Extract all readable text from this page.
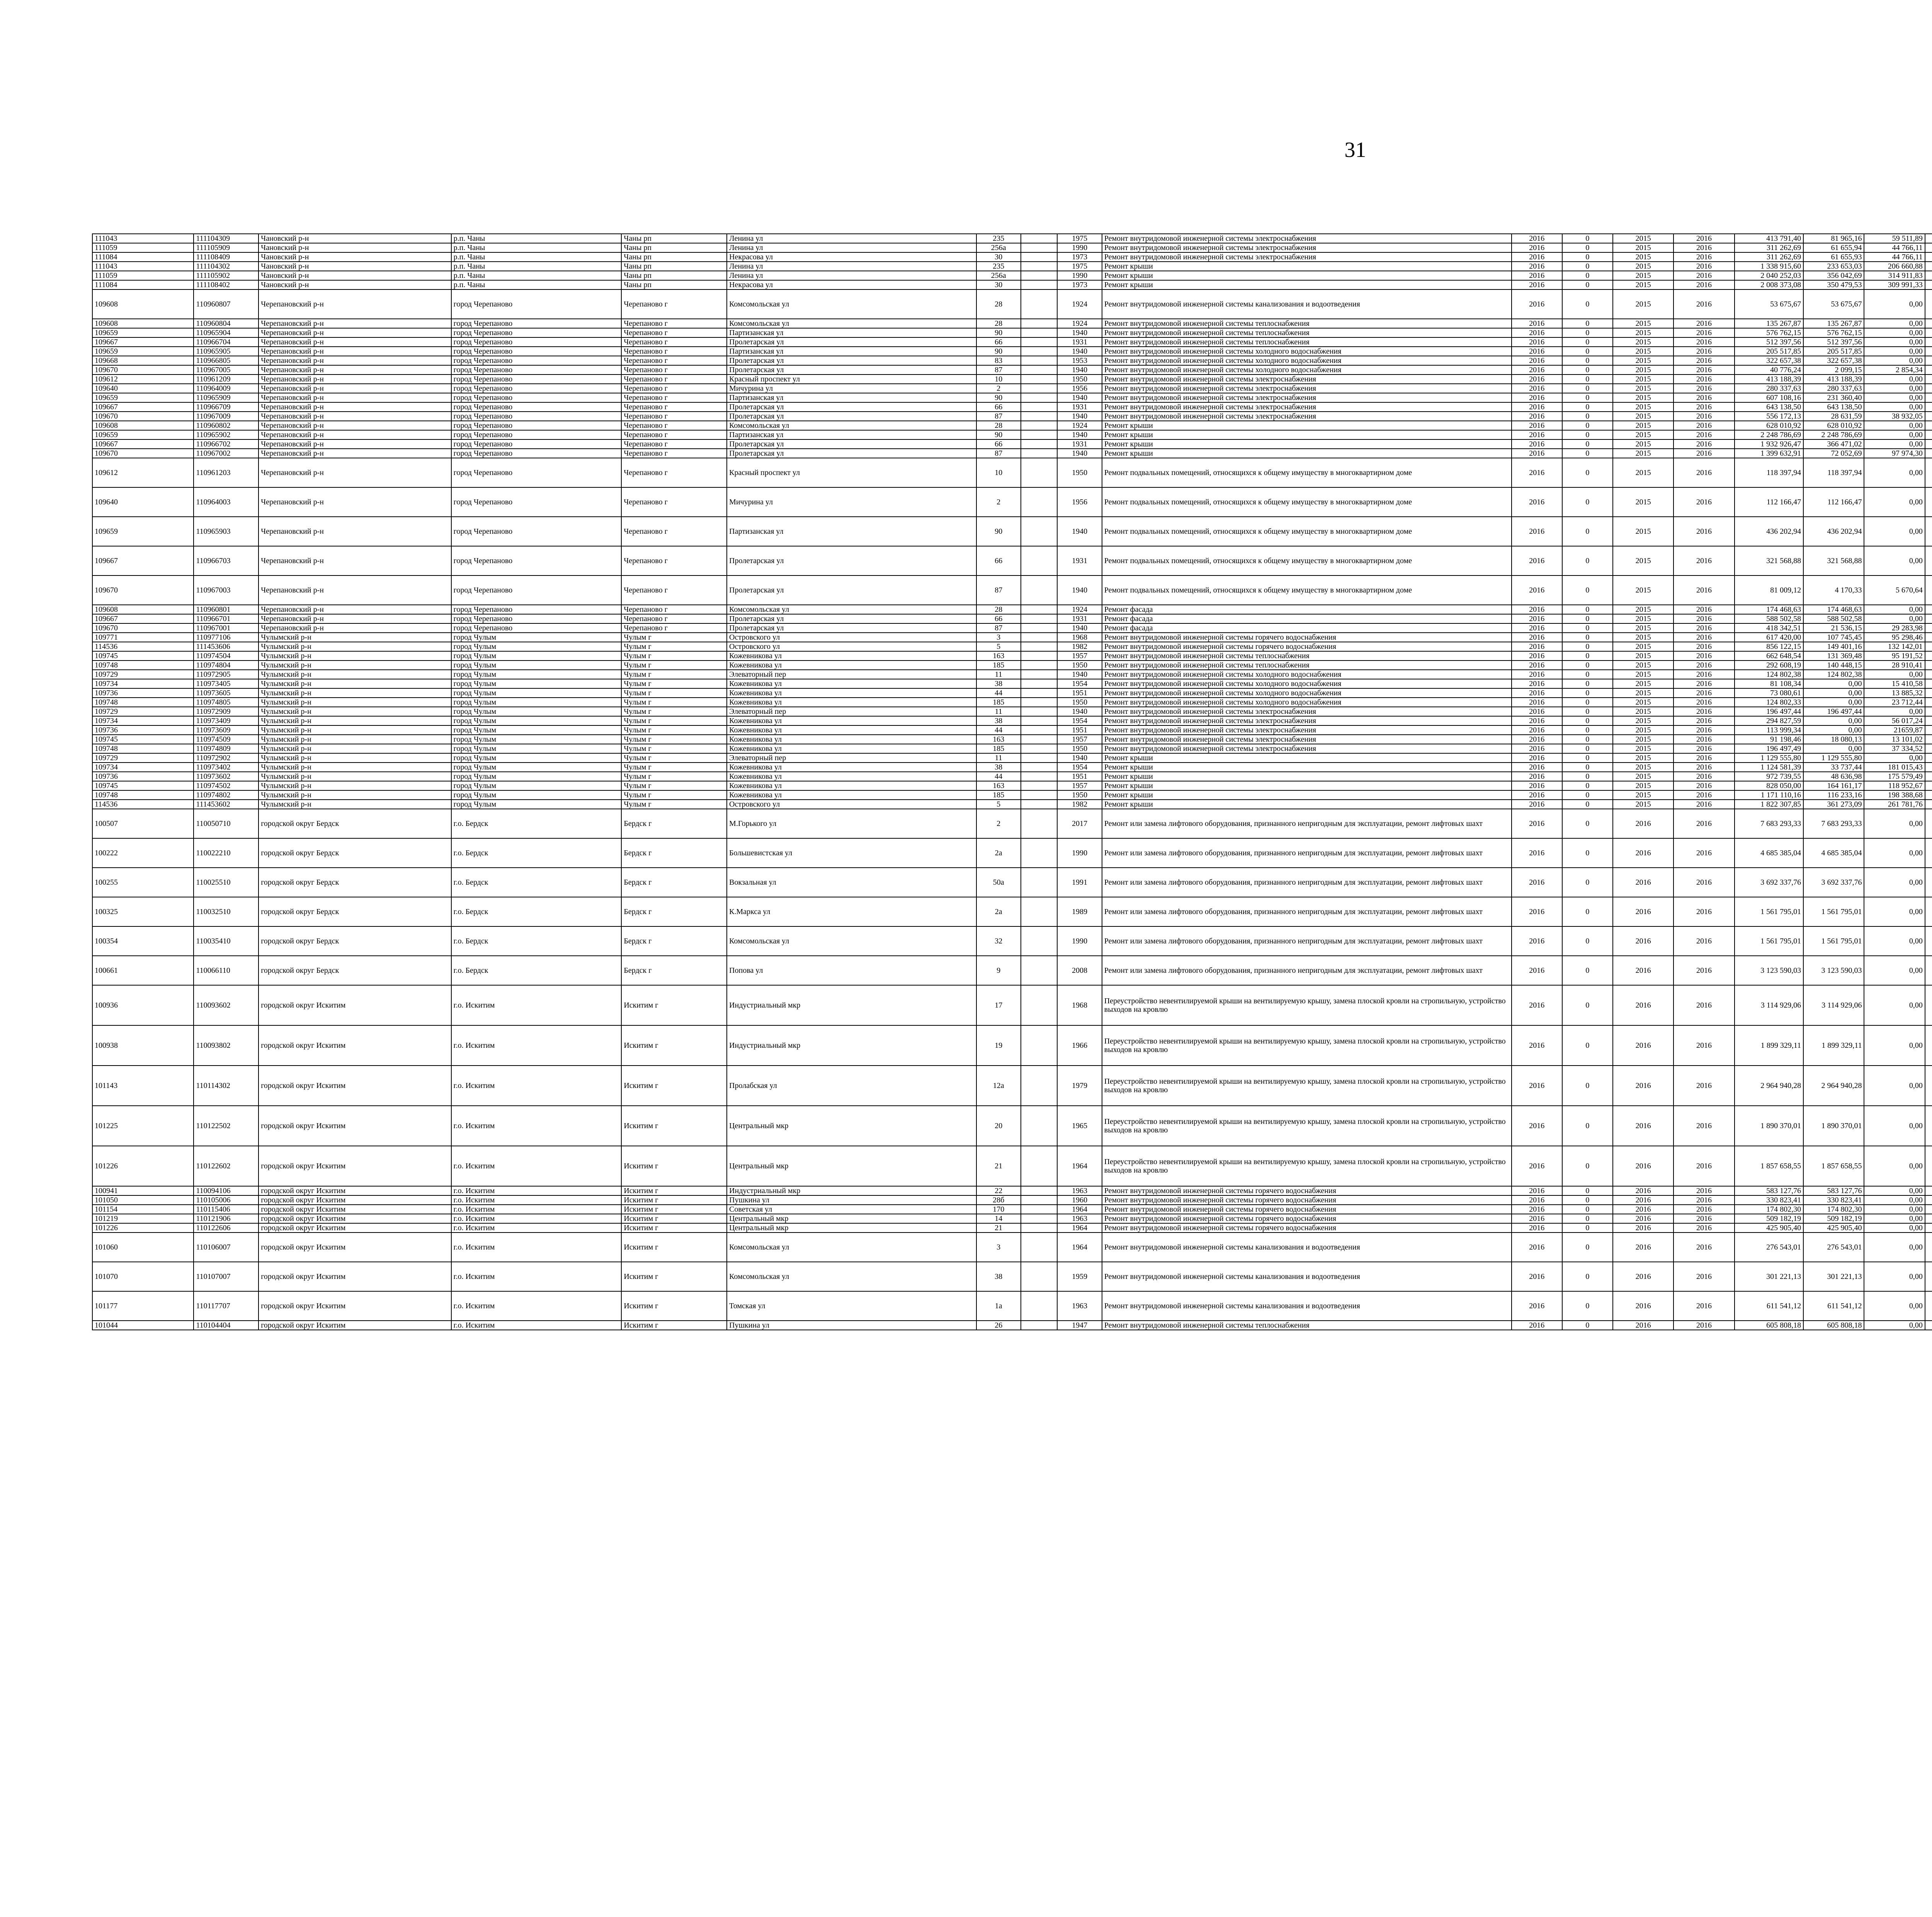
31
111043	111104309	Чановский р-н	р.п. Чаны	Чаны рп	Ленина ул	235		1975	Ремонт внутридомовой инженерной системы электроснабжения	2016	0	2015	2016	413 791,40	81 965,16	59 511,89					
111059	111105909	Чановский р-н	р.п. Чаны	Чаны рп	Ленина ул	256а		1990	Ремонт внутридомовой инженерной системы электроснабжения	2016	0	2015	2016	311 262,69	61 655,94	44 766,11					
111084	111108409	Чановский р-н	р.п. Чаны	Чаны рп	Некрасова ул	30		1973	Ремонт внутридомовой инженерной системы электроснабжения	2016	0	2015	2016	311 262,69	61 655,93	44 766,11					
111043	111104302	Чановский р-н	р.п. Чаны	Чаны рп	Ленина ул	235		1975	Ремонт крыши	2016	0	2015	2016	1 338 915,60	233 653,03	206 660,88					
111059	111105902	Чановский р-н	р.п. Чаны	Чаны рп	Ленина ул	256а		1990	Ремонт крыши	2016	0	2015	2016	2 040 252,03	356 042,69	314 911,83					
111084	111108402	Чановский р-н	р.п. Чаны	Чаны рп	Некрасова ул	30		1973	Ремонт крыши	2016	0	2015	2016	2 008 373,08	350 479,53	309 991,33					
109608	110960807	Черепановский р-н	город Черепаново	Черепаново г	Комсомольская ул	28		1924	Ремонт внутридомовой инженерной системы канализования и водоотведения	2016	0	2015	2016	53 675,67	53 675,67	0,00					
109608	110960804	Черепановский р-н	город Черепаново	Черепаново г	Комсомольская ул	28		1924	Ремонт внутридомовой инженерной системы теплоснабжения	2016	0	2015	2016	135 267,87	135 267,87	0,00					
109659	110965904	Черепановский р-н	город Черепаново	Черепаново г	Партизанская ул	90		1940	Ремонт внутридомовой инженерной системы теплоснабжения	2016	0	2015	2016	576 762,15	576 762,15	0,00					
109667	110966704	Черепановский р-н	город Черепаново	Черепаново г	Пролетарская ул	66		1931	Ремонт внутридомовой инженерной системы теплоснабжения	2016	0	2015	2016	512 397,56	512 397,56	0,00					
109659	110965905	Черепановский р-н	город Черепаново	Черепаново г	Партизанская ул	90		1940	Ремонт внутридомовой инженерной системы холодного водоснабжения	2016	0	2015	2016	205 517,85	205 517,85	0,00					
109668	110966805	Черепановский р-н	город Черепаново	Черепаново г	Пролетарская ул	83		1953	Ремонт внутридомовой инженерной системы холодного водоснабжения	2016	0	2015	2016	322 657,38	322 657,38	0,00					
109670	110967005	Черепановский р-н	город Черепаново	Черепаново г	Пролетарская ул	87		1940	Ремонт внутридомовой инженерной системы холодного водоснабжения	2016	0	2015	2016	40 776,24	2 099,15	2 854,34					
109612	110961209	Черепановский р-н	город Черепаново	Черепаново г	Красный проспект ул	10		1950	Ремонт внутридомовой инженерной системы электроснабжения	2016	0	2015	2016	413 188,39	413 188,39	0,00					
109640	110964009	Черепановский р-н	город Черепаново	Черепаново г	Мичурина ул	2		1956	Ремонт внутридомовой инженерной системы электроснабжения	2016	0	2015	2016	280 337,63	280 337,63	0,00					
109659	110965909	Черепановский р-н	город Черепаново	Черепаново г	Партизанская ул	90		1940	Ремонт внутридомовой инженерной системы электроснабжения	2016	0	2015	2016	607 108,16	231 360,40	0,00					
109667	110966709	Черепановский р-н	город Черепаново	Черепаново г	Пролетарская ул	66		1931	Ремонт внутридомовой инженерной системы электроснабжения	2016	0	2015	2016	643 138,50	643 138,50	0,00					
109670	110967009	Черепановский р-н	город Черепаново	Черепаново г	Пролетарская ул	87		1940	Ремонт внутридомовой инженерной системы электроснабжения	2016	0	2015	2016	556 172,13	28 631,59	38 932,05					
109608	110960802	Черепановский р-н	город Черепаново	Черепаново г	Комсомольская ул	28		1924	Ремонт крыши	2016	0	2015	2016	628 010,92	628 010,92	0,00					
109659	110965902	Черепановский р-н	город Черепаново	Черепаново г	Партизанская ул	90		1940	Ремонт крыши	2016	0	2015	2016	2 248 786,69	2 248 786,69	0,00					
109667	110966702	Черепановский р-н	город Черепаново	Черепаново г	Пролетарская ул	66		1931	Ремонт крыши	2016	0	2015	2016	1 932 926,47	366 471,02	0,00					
109670	110967002	Черепановский р-н	город Черепаново	Черепаново г	Пролетарская ул	87		1940	Ремонт крыши	2016	0	2015	2016	1 399 632,91	72 052,69	97 974,30					
109612	110961203	Черепановский р-н	город Черепаново	Черепаново г	Красный проспект ул	10		1950	Ремонт подвальных помещений, относящихся к общему имуществу в многоквартирном доме	2016	0	2015	2016	118 397,94	118 397,94	0,00					
109640	110964003	Черепановский р-н	город Черепаново	Черепаново г	Мичурина ул	2		1956	Ремонт подвальных помещений, относящихся к общему имуществу в многоквартирном доме	2016	0	2015	2016	112 166,47	112 166,47	0,00					
109659	110965903	Черепановский р-н	город Черепаново	Черепаново г	Партизанская ул	90		1940	Ремонт подвальных помещений, относящихся к общему имуществу в многоквартирном доме	2016	0	2015	2016	436 202,94	436 202,94	0,00					
109667	110966703	Черепановский р-н	город Черепаново	Черепаново г	Пролетарская ул	66		1931	Ремонт подвальных помещений, относящихся к общему имуществу в многоквартирном доме	2016	0	2015	2016	321 568,88	321 568,88	0,00					
109670	110967003	Черепановский р-н	город Черепаново	Черепаново г	Пролетарская ул	87		1940	Ремонт подвальных помещений, относящихся к общему имуществу в многоквартирном доме	2016	0	2015	2016	81 009,12	4 170,33	5 670,64					
109608	110960801	Черепановский р-н	город Черепаново	Черепаново г	Комсомольская ул	28		1924	Ремонт фасада	2016	0	2015	2016	174 468,63	174 468,63	0,00					
109667	110966701	Черепановский р-н	город Черепаново	Черепаново г	Пролетарская ул	66		1931	Ремонт фасада	2016	0	2015	2016	588 502,58	588 502,58	0,00					
109670	110967001	Черепановский р-н	город Черепаново	Черепаново г	Пролетарская ул	87		1940	Ремонт фасада	2016	0	2015	2016	418 342,51	21 536,15	29 283,98					
109771	110977106	Чулымский р-н	город Чулым	Чулым г	Островского ул	3		1968	Ремонт внутридомовой инженерной системы горячего водоснабжения	2016	0	2015	2016	617 420,00	107 745,45	95 298,46					
114536	111453606	Чулымский р-н	город Чулым	Чулым г	Островского ул	5		1982	Ремонт внутридомовой инженерной системы горячего водоснабжения	2016	0	2015	2016	856 122,15	149 401,16	132 142,01					
109745	110974504	Чулымский р-н	город Чулым	Чулым г	Кожевникова ул	163		1957	Ремонт внутридомовой инженерной системы теплоснабжения	2016	0	2015	2016	662 648,54	131 369,48	95 191,52					
109748	110974804	Чулымский р-н	город Чулым	Чулым г	Кожевникова ул	185		1950	Ремонт внутридомовой инженерной системы теплоснабжения	2016	0	2015	2016	292 608,19	140 448,15	28 910,41					
109729	110972905	Чулымский р-н	город Чулым	Чулым г	Элеваторный пер	11		1940	Ремонт внутридомовой инженерной системы холодного водоснабжения	2016	0	2015	2016	124 802,38	124 802,38	0,00					
109734	110973405	Чулымский р-н	город Чулым	Чулым г	Кожевникова ул	38		1954	Ремонт внутридомовой инженерной системы холодного водоснабжения	2016	0	2015	2016	81 108,34	0,00	15 410,58					
109736	110973605	Чулымский р-н	город Чулым	Чулым г	Кожевникова ул	44		1951	Ремонт внутридомовой инженерной системы холодного водоснабжения	2016	0	2015	2016	73 080,61	0,00	13 885,32					
109748	110974805	Чулымский р-н	город Чулым	Чулым г	Кожевникова ул	185		1950	Ремонт внутридомовой инженерной системы холодного водоснабжения	2016	0	2015	2016	124 802,33	0,00	23 712,44					
109729	110972909	Чулымский р-н	город Чулым	Чулым г	Элеваторный пер	11		1940	Ремонт внутридомовой инженерной системы электроснабжения	2016	0	2015	2016	196 497,44	196 497,44	0,00					
109734	110973409	Чулымский р-н	город Чулым	Чулым г	Кожевникова ул	38		1954	Ремонт внутридомовой инженерной системы электроснабжения	2016	0	2015	2016	294 827,59	0,00	56 017,24					
109736	110973609	Чулымский р-н	город Чулым	Чулым г	Кожевникова ул	44		1951	Ремонт внутридомовой инженерной системы электроснабжения	2016	0	2015	2016	113 999,34	0,00	21659,87					
109745	110974509	Чулымский р-н	город Чулым	Чулым г	Кожевникова ул	163		1957	Ремонт внутридомовой инженерной системы электроснабжения	2016	0	2015	2016	91 198,46	18 080,13	13 101,02					
109748	110974809	Чулымский р-н	город Чулым	Чулым г	Кожевникова ул	185		1950	Ремонт внутридомовой инженерной системы электроснабжения	2016	0	2015	2016	196 497,49	0,00	37 334,52					
109729	110972902	Чулымский р-н	город Чулым	Чулым г	Элеваторный пер	11		1940	Ремонт крыши	2016	0	2015	2016	1 129 555,80	1 129 555,80	0,00					
109734	110973402	Чулымский р-н	город Чулым	Чулым г	Кожевникова ул	38		1954	Ремонт крыши	2016	0	2015	2016	1 124 581,39	33 737,44	181 015,43					
109736	110973602	Чулымский р-н	город Чулым	Чулым г	Кожевникова ул	44		1951	Ремонт крыши	2016	0	2015	2016	972 739,55	48 636,98	175 579,49					
109745	110974502	Чулымский р-н	город Чулым	Чулым г	Кожевникова ул	163		1957	Ремонт крыши	2016	0	2015	2016	828 050,00	164 161,17	118 952,67					
109748	110974802	Чулымский р-н	город Чулым	Чулым г	Кожевникова ул	185		1950	Ремонт крыши	2016	0	2015	2016	1 171 110,16	116 233,16	198 388,68					
114536	111453602	Чулымский р-н	город Чулым	Чулым г	Островского ул	5		1982	Ремонт крыши	2016	0	2015	2016	1 822 307,85	361 273,09	261 781,76					
100507	110050710	городской округ Бердск	г.о. Бердск	Бердск г	М.Горького ул	2		2017	Ремонт или замена лифтового оборудования, признанного непригодным для эксплуатации, ремонт лифтовых шахт	2016	0	2016	2016	7 683 293,33	7 683 293,33	0,00					
100222	110022210	городской округ Бердск	г.о. Бердск	Бердск г	Большевистская ул	2а		1990	Ремонт или замена лифтового оборудования, признанного непригодным для эксплуатации, ремонт лифтовых шахт	2016	0	2016	2016	4 685 385,04	4 685 385,04	0,00					
100255	110025510	городской округ Бердск	г.о. Бердск	Бердск г	Вокзальная ул	50а		1991	Ремонт или замена лифтового оборудования, признанного непригодным для эксплуатации, ремонт лифтовых шахт	2016	0	2016	2016	3 692 337,76	3 692 337,76	0,00					
100325	110032510	городской округ Бердск	г.о. Бердск	Бердск г	К.Маркса ул	2а		1989	Ремонт или замена лифтового оборудования, признанного непригодным для эксплуатации, ремонт лифтовых шахт	2016	0	2016	2016	1 561 795,01	1 561 795,01	0,00					
100354	110035410	городской округ Бердск	г.о. Бердск	Бердск г	Комсомольская ул	32		1990	Ремонт или замена лифтового оборудования, признанного непригодным для эксплуатации, ремонт лифтовых шахт	2016	0	2016	2016	1 561 795,01	1 561 795,01	0,00					
100661	110066110	городской округ Бердск	г.о. Бердск	Бердск г	Попова ул	9		2008	Ремонт или замена лифтового оборудования, признанного непригодным для эксплуатации, ремонт лифтовых шахт	2016	0	2016	2016	3 123 590,03	3 123 590,03	0,00					
100936	110093602	городской округ Искитим	г.о. Искитим	Искитим г	Индустриальный мкр	17		1968	Переустройство невентилируемой крыши на вентилируемую крышу, замена плоской кровли на стропильную, устройство выходов на кровлю	2016	0	2016	2016	3 114 929,06	3 114 929,06	0,00					
100938	110093802	городской округ Искитим	г.о. Искитим	Искитим г	Индустриальный мкр	19		1966	Переустройство невентилируемой крыши на вентилируемую крышу, замена плоской кровли на стропильную, устройство выходов на кровлю	2016	0	2016	2016	1 899 329,11	1 899 329,11	0,00					
101143	110114302	городской округ Искитим	г.о. Искитим	Искитим г	Пролабская ул	12а		1979	Переустройство невентилируемой крыши на вентилируемую крышу, замена плоской кровли на стропильную, устройство выходов на кровлю	2016	0	2016	2016	2 964 940,28	2 964 940,28	0,00					
101225	110122502	городской округ Искитим	г.о. Искитим	Искитим г	Центральный мкр	20		1965	Переустройство невентилируемой крыши на вентилируемую крышу, замена плоской кровли на стропильную, устройство выходов на кровлю	2016	0	2016	2016	1 890 370,01	1 890 370,01	0,00					
101226	110122602	городской округ Искитим	г.о. Искитим	Искитим г	Центральный мкр	21		1964	Переустройство невентилируемой крыши на вентилируемую крышу, замена плоской кровли на стропильную, устройство выходов на кровлю	2016	0	2016	2016	1 857 658,55	1 857 658,55	0,00					
100941	110094106	городской округ Искитим	г.о. Искитим	Искитим г	Индустриальный мкр	22		1963	Ремонт внутридомовой инженерной системы горячего водоснабжения	2016	0	2016	2016	583 127,76	583 127,76	0,00					
101050	110105006	городской округ Искитим	г.о. Искитим	Искитим г	Пушкина ул	28б		1960	Ремонт внутридомовой инженерной системы горячего водоснабжения	2016	0	2016	2016	330 823,41	330 823,41	0,00					
101154	110115406	городской округ Искитим	г.о. Искитим	Искитим г	Советская ул	170		1964	Ремонт внутридомовой инженерной системы горячего водоснабжения	2016	0	2016	2016	174 802,30	174 802,30	0,00					
101219	110121906	городской округ Искитим	г.о. Искитим	Искитим г	Центральный мкр	14		1963	Ремонт внутридомовой инженерной системы горячего водоснабжения	2016	0	2016	2016	509 182,19	509 182,19	0,00					
101226	110122606	городской округ Искитим	г.о. Искитим	Искитим г	Центральный мкр	21		1964	Ремонт внутридомовой инженерной системы горячего водоснабжения	2016	0	2016	2016	425 905,40	425 905,40	0,00					
101060	110106007	городской округ Искитим	г.о. Искитим	Искитим г	Комсомольская ул	3		1964	Ремонт внутридомовой инженерной системы канализования и водоотведения	2016	0	2016	2016	276 543,01	276 543,01	0,00					
101070	110107007	городской округ Искитим	г.о. Искитим	Искитим г	Комсомольская ул	38		1959	Ремонт внутридомовой инженерной системы канализования и водоотведения	2016	0	2016	2016	301 221,13	301 221,13	0,00					
101177	110117707	городской округ Искитим	г.о. Искитим	Искитим г	Томская ул	1а		1963	Ремонт внутридомовой инженерной системы канализования и водоотведения	2016	0	2016	2016	611 541,12	611 541,12	0,00					
101044	110104404	городской округ Искитим	г.о. Искитим	Искитим г	Пушкина ул	26		1947	Ремонт внутридомовой инженерной системы теплоснабжения	2016	0	2016	2016	605 808,18	605 808,18	0,00					
